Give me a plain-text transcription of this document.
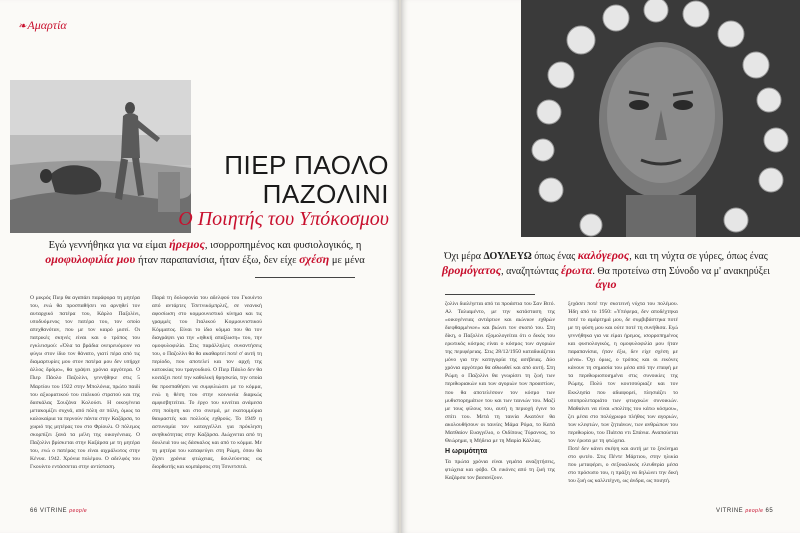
❧Αμαρτία
ΠΙΕΡ ΠΑΟΛΟ
ΠΑΖΟΛΙΝΙ
Ο Ποιητής του Υπόκοσμου
Εγώ γεννήθηκα για να είμαι ήρεμος, ισορροπημένος και φυσιολογικός, η ομοφυλοφιλία μου ήταν παραπανίσια, ήταν έξω, δεν είχε σχέση με μένα

Ο μικρός Πιερ θα αγαπάει παράφορα τη μητέρα του, ενώ θα προσπαθήσει να αρνηθεί τον αυταρχικό πατέρα του, Κάρλο Παζολίνι, υποδυόμενος τον πατέρα του, τον οποίο απεχθανόταν, που με τον καιρό μισεί. Οι πατρικές σκηνές είναι και ο τρόπος του εγκλεισμού: «Όλα τα βράδια ονειρευόμουν να φύγω στον ίδιο τον θάνατο, γιατί πέρα από τις διαμαρτυρίες μου στον πατέρα μου δεν υπήρχε άλλος δρόμο», θα γράψει χρόνια αργότερα. Ο Πιερ Πάολο Παζολίνι, γεννήθηκε στις 5 Μαρτίου του 1922 στην Μπολόνια, πρώτο παιδί του αξιωματικού του ιταλικού στρατού και της δασκάλας Σουζάνα Κολούσι. Η οικογένεια μετακομίζει συχνά, από πόλη σε πόλη, όμως τα καλοκαίρια τα περνούν πάντα στην Καζάρσα, το χωριό της μητέρας του στο Φρίουλι. Ο πόλεμος σκορπίζει ξανά τα μέλη της οικογένειας. Ο Παζολίνι βρίσκεται στην Καζάρσα με τη μητέρα του, ενώ ο πατέρας του είναι αιχμάλωτος στην Κένυα. 1942. Χρόνια πολέμου. Ο αδελφός του Γκουίντο εντάσσεται στην αντίσταση.

Παρά τη δολοφονία του αδελφού του Γκουίντο από αντάρτες Τσετνικόμπρλεζ, σε νεανική αφοσίωση στο κομμουνιστικό κίνημα και τις γραμμές του Ιταλικού Κομμουνιστικού Κόμματος. Είναι το ίδιο κόμμα που θα τον διαγράψει για την «ηθική απαξίωση» του, την ομοφυλοφιλία. Στις παράλληλες συναντήσεις του, ο Παζολίνι θα θα ακαθαρτεί ποτέ σ' αυτή τη περίοδο, που αποτελεί και τον αρχή της κατοικίας του τραγουδιού. Ο Πιερ Πάολο δεν θα κοιτάξει ποτέ την καθολική θρησκεία, την οποία θα προσπαθήσει να συμφιλιώσει με το κόμμα, ενώ η θέση του στην κοινωνία διαρκώς αμφισβητείται. Το έργο του κινείται ανάμεσα στη ποίηση και στο σινεμά, με εκατομμύρια θαυμαστές και πολλούς εχθρούς. Το 1949 η αστυνομία τον καταγγέλλει για πρόκληση ανηθικότητας στην Καζάρσα. Διώχνεται από τη δουλειά του ως δάσκαλος και από το κόμμα. Με τη μητέρα του καταφεύγει στη Ρώμη, όπου θα ζήσει χρόνια φτώχειας, δουλεύοντας ως διορθωτής και κομπάρσος στη Τσινετσιτά.

66 VITRINE people
Όχι μέρα ΔΟΥΛΕΥΩ όπως ένας καλόγερος, και τη νύχτα σε γύρες, όπως ένας βρομόγατος, αναζητώντας έρωτα. Θα προτείνω στη Σύνοδο να μ' ανακηρύξει άγιο

ζολίνι διαλέγεται από τα προάστια του Σαν Βιτό. Αλ Ταλιαμέντο, με την κατάσταση της «οικογένειας αντάρτων και αιώνιων εχθρών διεφθαρμένων» και βιώνει τον σκοπό του. Στη δίκη, ο Παζολίνι εξομολογείται ότι ο δικός του ερωτικός κόσμος είναι ο κόσμος των αγοριών της περιφέρειας. Στις 28/12/1950 καταδικάζεται μόνο για την κατηγορία της ασέβειας. Δύο χρόνια αργότερα θα αθωωθεί και από αυτή. Στη Ρώμη ο Παζολίνι θα γνωρίσει τη ζωή των περιθωριακών και των αγοριών των προαστίων, που θα αποτελέσουν τον κόσμο των μυθιστορημάτων του και των ταινιών του. Μαζί με τους φίλους του, αυτή η περιοχή έγινε το σπίτι του. Μετά τη ταινία Ακατόνε θα ακολουθήσουν οι ταινίες Μάμα Ρόμα, το Κατά Ματθαίον Ευαγγέλιο, ο Οιδίπους Τύραννος, το Θεώρημα, η Μήδεια με τη Μαρία Κάλλας.

Η ωριμότητα

Τα πρώτα χρόνια είναι γεμάτα αναζητήσεις, φτώχεια και φόβο. Οι εικόνες από τη ζωή της Καζάρσα τον βασανίζουν.

ξεχάσει ποτέ την σκοτεινή νύχτα του πολέμου. Ήδη από το 1950: «Υπέφερα, δεν αποδέχτηκα ποτέ το αμάρτημά μου, δε συμβιβάστηκα ποτέ με τη φύση μου και ούτε ποτέ τη συνήθισα. Εγώ γεννήθηκα για να είμαι ήρεμος, ισορροπημένος και φυσιολογικός, η ομοφυλοφιλία μου ήταν παραπανίσια, ήταν έξω, δεν είχε σχέση με μένα». Όχι όμως, ο τρόπος και οι εικόνες κάνουν τη σημασία του μέσα από την επαφή με τα περιθωριοποιημένα στις συνοικίες της Ρώμης. Πολύ τον κουτσούριαζε και τον Εκκλησία που αδιαφορεί, πλησιάζει το υποπρολεταριάτο των φτωχικών συνοικιών. Μαθαίνει να είναι «πολίτης του κάτω κόσμου», ζει μέσα στο πολύχρωμο πλήθος των αγοριών, των κλεφτών, των ζητιάνων, των ανθρώπων του περιθωρίου, του Πιάτσα ντι Σπάνια. Αναπαύεται τον έρωτα με τη φτώχεια.

Ποτέ δεν κάνει σκέψη και αυτή με το ξεκίνημα στο φυτέο. Στις Πέντε Μάρτιου, στην ηλικία που μεταφέρει, ο σεξουαλικός ελευθερία μέσα στο πρόσωπο του, η πράξη να δηλώνει την δική του ζωή ως καλλιτέχνη, ως άνδρα, ως ποιητή.

VITRINE people 65
